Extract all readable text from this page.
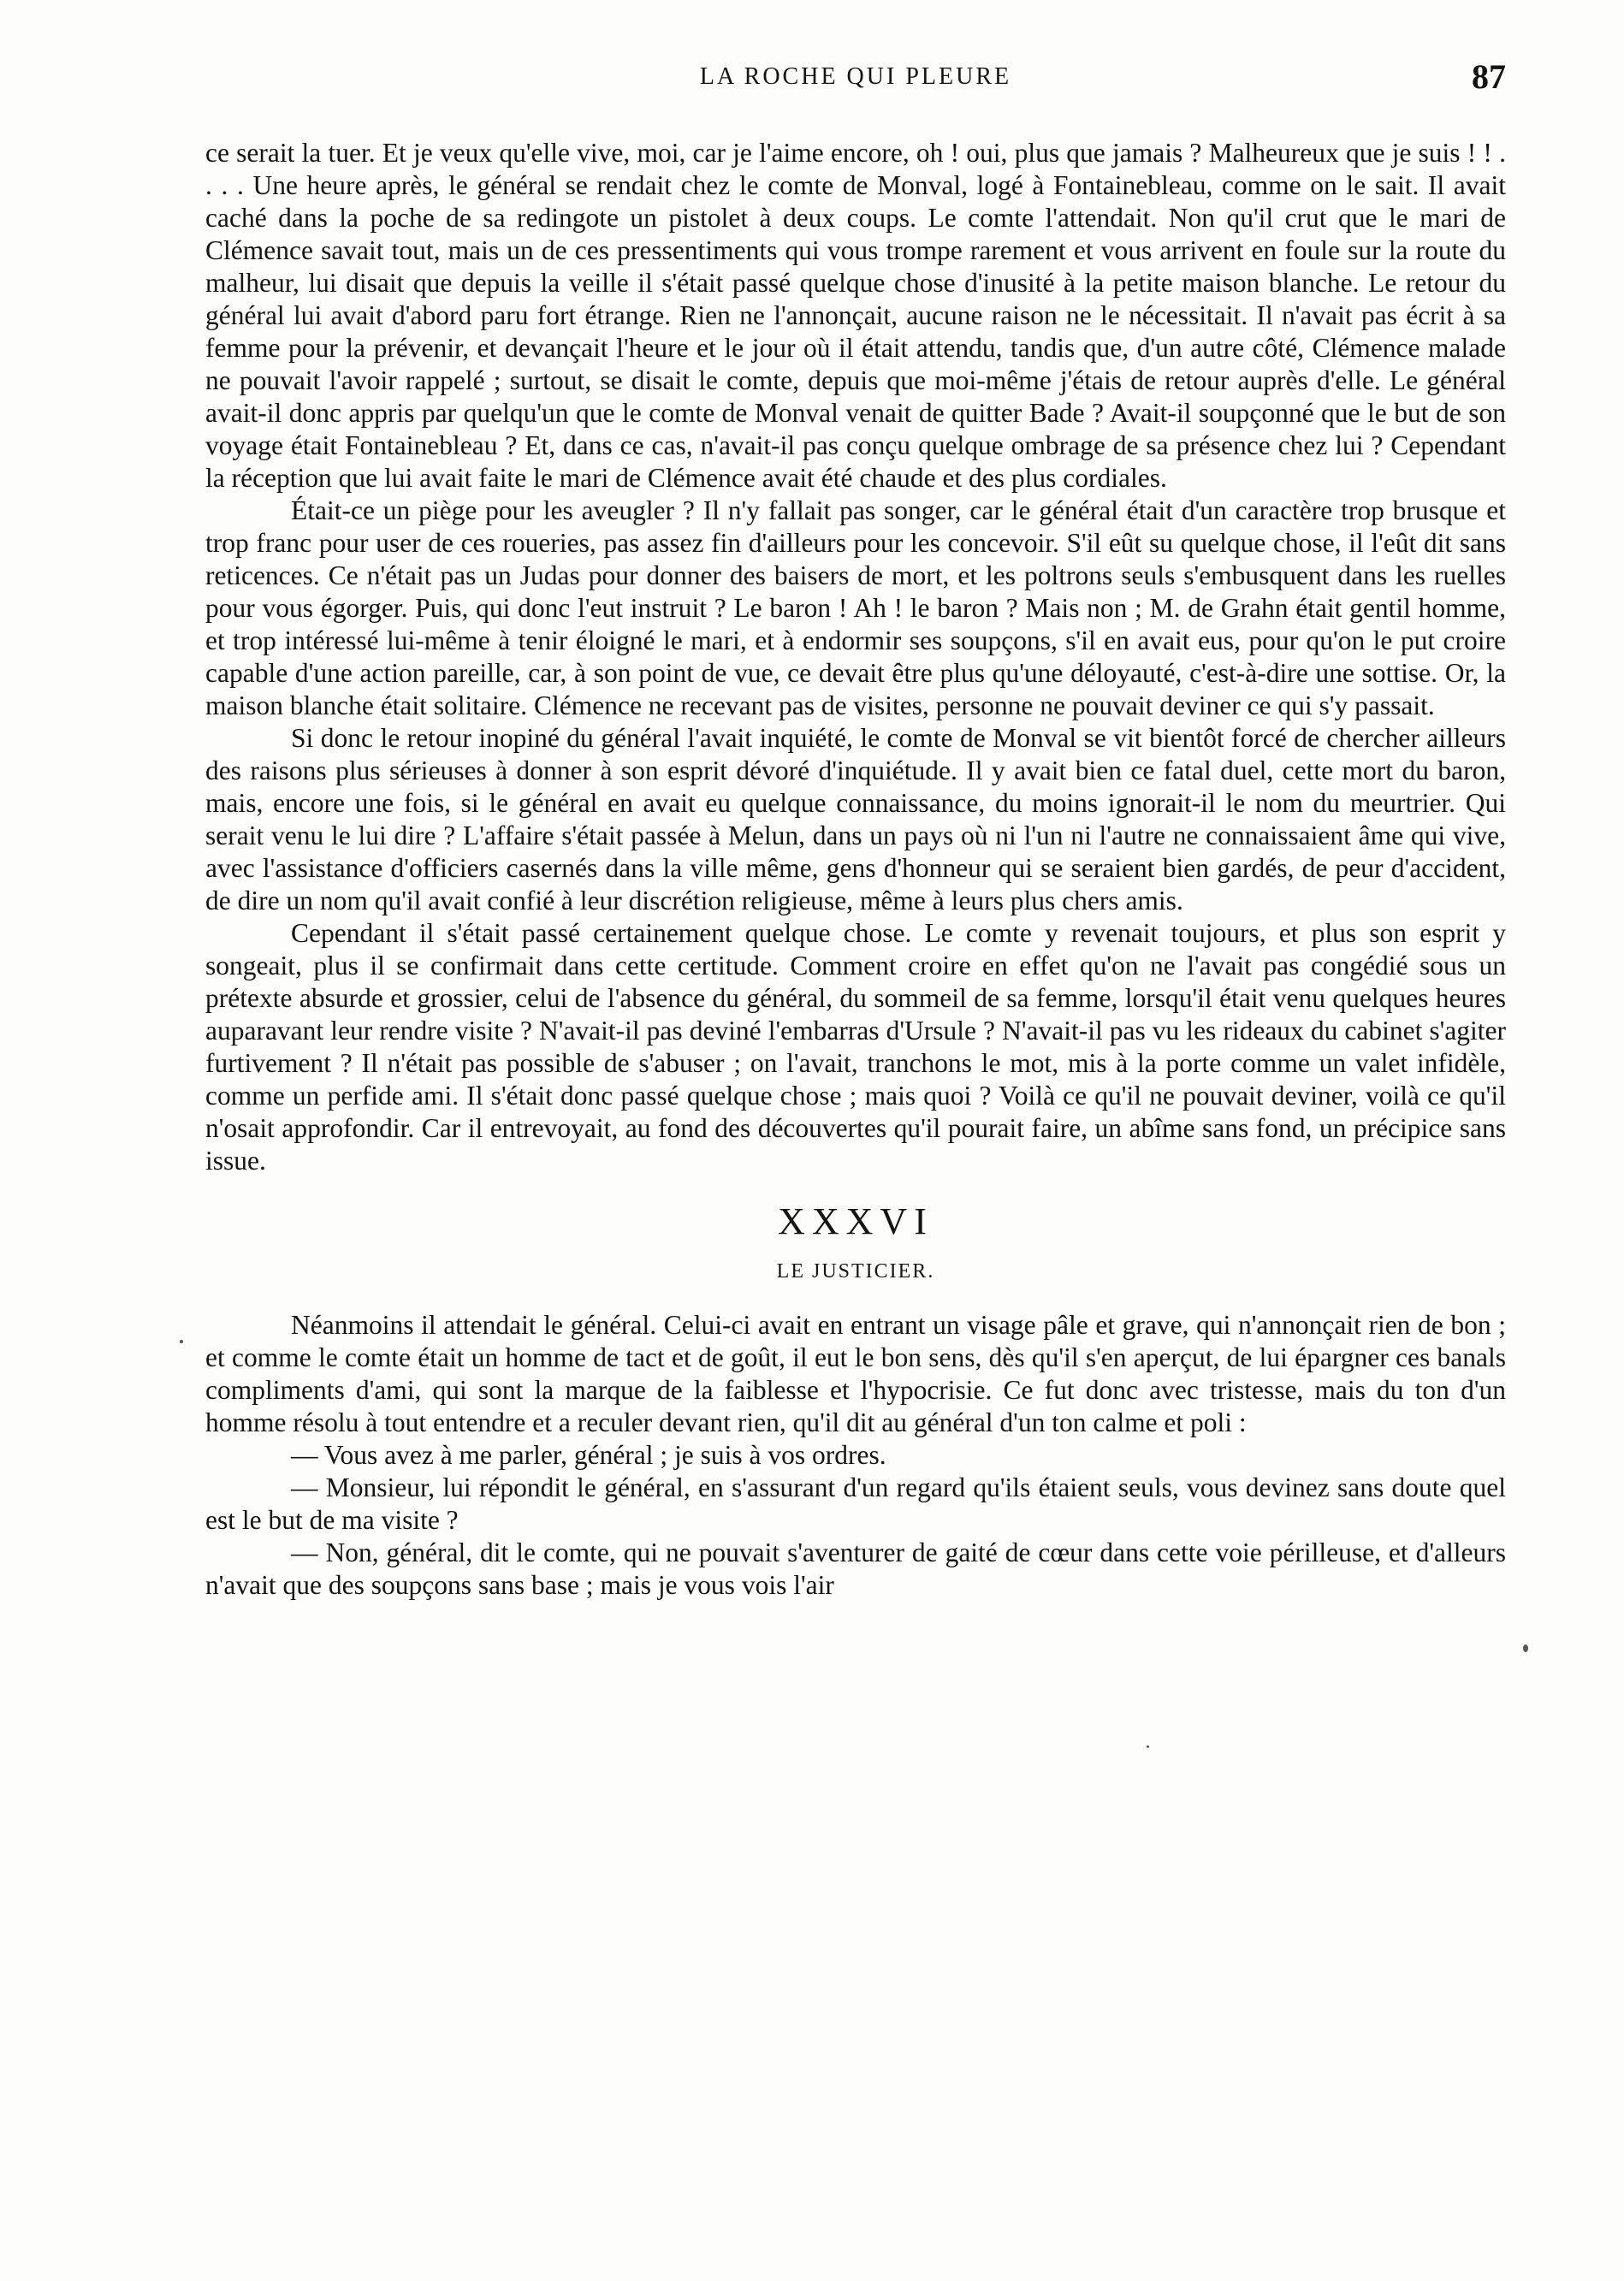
LA ROCHE QUI PLEURE	87

ce serait la tuer. Et je veux qu'elle vive, moi, car je l'aime encore, oh ! oui, plus que jamais ? Malheureux que je suis ! ! . . . . Une heure après, le général se rendait chez le comte de Monval, logé à Fontainebleau, comme on le sait. Il avait caché dans la poche de sa redingote un pistolet à deux coups. Le comte l'attendait. Non qu'il crut que le mari de Clémence savait tout, mais un de ces pressentiments qui vous trompe rarement et vous arrivent en foule sur la route du malheur, lui disait que depuis la veille il s'était passé quelque chose d'inusité à la petite maison blanche. Le retour du général lui avait d'abord paru fort étrange. Rien ne l'annonçait, aucune raison ne le nécessitait. Il n'avait pas écrit à sa femme pour la prévenir, et devançait l'heure et le jour où il était attendu, tandis que, d'un autre côté, Clémence malade ne pouvait l'avoir rappelé ; surtout, se disait le comte, depuis que moi-même j'étais de retour auprès d'elle. Le général avait-il donc appris par quelqu'un que le comte de Monval venait de quitter Bade ? Avait-il soupçonné que le but de son voyage était Fontainebleau ? Et, dans ce cas, n'avait-il pas conçu quelque ombrage de sa présence chez lui ? Cependant la réception que lui avait faite le mari de Clémence avait été chaude et des plus cordiales.

Était-ce un piège pour les aveugler ? Il n'y fallait pas songer, car le général était d'un caractère trop brusque et trop franc pour user de ces roueries, pas assez fin d'ailleurs pour les concevoir. S'il eût su quelque chose, il l'eût dit sans reticences. Ce n'était pas un Judas pour donner des baisers de mort, et les poltrons seuls s'embusquent dans les ruelles pour vous égorger. Puis, qui donc l'eut instruit ? Le baron ! Ah ! le baron ? Mais non ; M. de Grahn était gentil homme, et trop intéressé lui-même à tenir éloigné le mari, et à endormir ses soupçons, s'il en avait eus, pour qu'on le put croire capable d'une action pareille, car, à son point de vue, ce devait être plus qu'une déloyauté, c'est-à-dire une sottise. Or, la maison blanche était solitaire. Clémence ne recevant pas de visites, personne ne pouvait deviner ce qui s'y passait.

Si donc le retour inopiné du général l'avait inquiété, le comte de Monval se vit bientôt forcé de chercher ailleurs des raisons plus sérieuses à donner à son esprit dévoré d'inquiétude. Il y avait bien ce fatal duel, cette mort du baron, mais, encore une fois, si le général en avait eu quelque connaissance, du moins ignorait-il le nom du meurtrier. Qui serait venu le lui dire ? L'affaire s'était passée à Melun, dans un pays où ni l'un ni l'autre ne connaissaient âme qui vive, avec l'assistance d'officiers casernés dans la ville même, gens d'honneur qui se seraient bien gardés, de peur d'accident, de dire un nom qu'il avait confié à leur discrétion religieuse, même à leurs plus chers amis.

Cependant il s'était passé certainement quelque chose. Le comte y revenait toujours, et plus son esprit y songeait, plus il se confirmait dans cette certitude. Comment croire en effet qu'on ne l'avait pas congédié sous un prétexte absurde et grossier, celui de l'absence du général, du sommeil de sa femme, lorsqu'il était venu quelques heures auparavant leur rendre visite ? N'avait-il pas deviné l'embarras d'Ursule ? N'avait-il pas vu les rideaux du cabinet s'agiter furtivement ? Il n'était pas possible de s'abuser ; on l'avait, tranchons le mot, mis à la porte comme un valet infidèle, comme un perfide ami. Il s'était donc passé quelque chose ; mais quoi ? Voilà ce qu'il ne pouvait deviner, voilà ce qu'il n'osait approfondir. Car il entrevoyait, au fond des découvertes qu'il pourait faire, un abîme sans fond, un précipice sans issue.

XXXVI
LE JUSTICIER.

Néanmoins il attendait le général. Celui-ci avait en entrant un visage pâle et grave, qui n'annonçait rien de bon ; et comme le comte était un homme de tact et de goût, il eut le bon sens, dès qu'il s'en aperçut, de lui épargner ces banals compliments d'ami, qui sont la marque de la faiblesse et l'hypocrisie. Ce fut donc avec tristesse, mais du ton d'un homme résolu à tout entendre et a reculer devant rien, qu'il dit au général d'un ton calme et poli :

— Vous avez à me parler, général ; je suis à vos ordres.

— Monsieur, lui répondit le général, en s'assurant d'un regard qu'ils étaient seuls, vous devinez sans doute quel est le but de ma visite ?

— Non, général, dit le comte, qui ne pouvait s'aventurer de gaité de cœur dans cette voie périlleuse, et d'alleurs n'avait que des soupçons sans base ; mais je vous vois l'air
